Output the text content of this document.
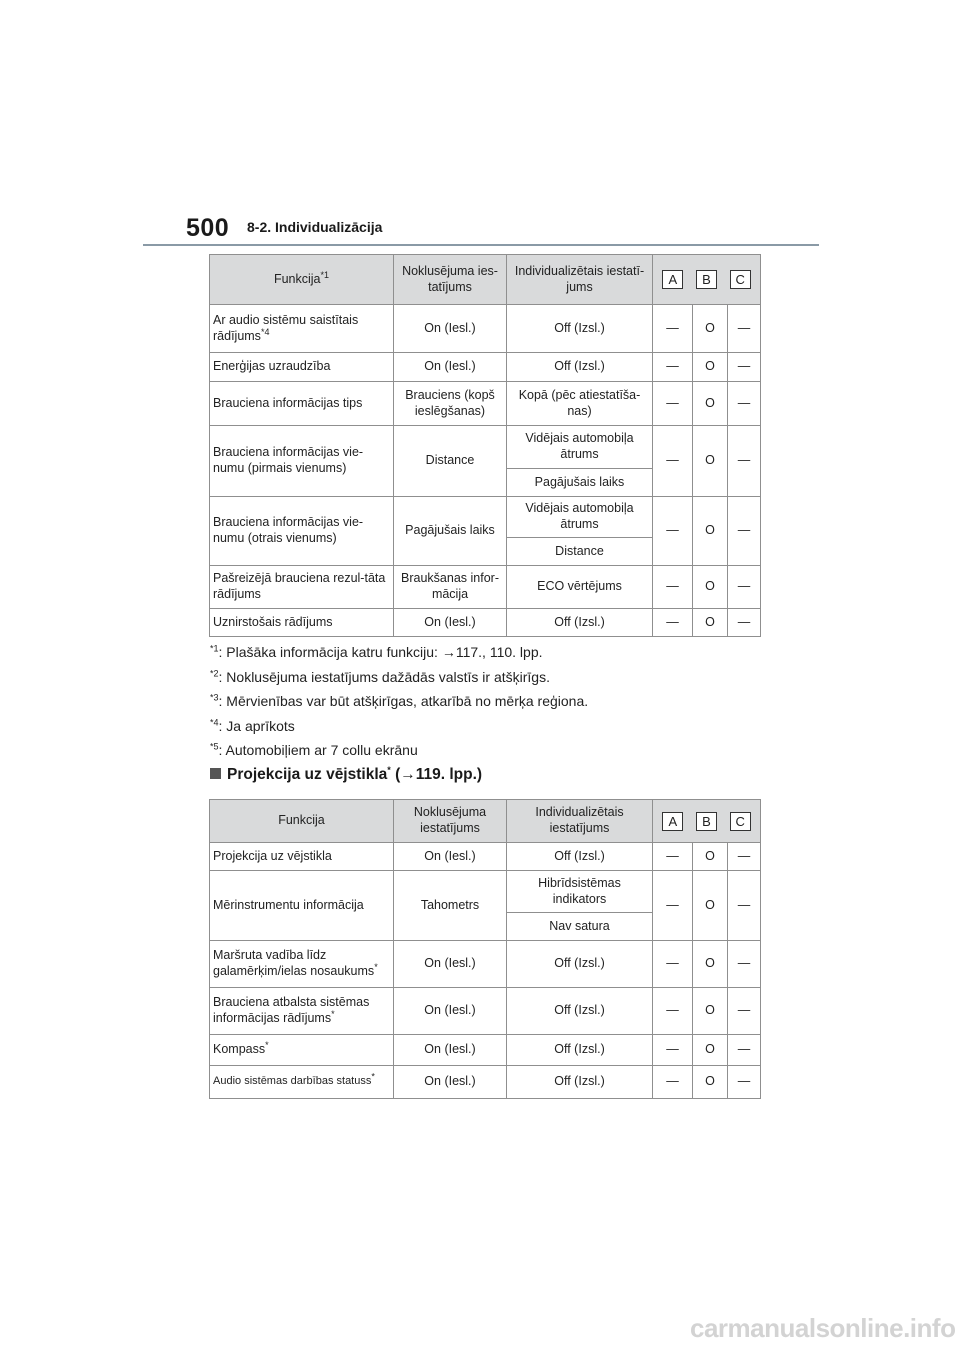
500 8-2. Individualizācija
Funkcija$^{*1}$	Noklusējuma ies-tatījums	Individualizētais iestatī-jums	A B C		

Ar audio sistēmu saistītais rādījums$^{*4}$	On (Iesl.)	Off (Izsl.)	—	O	—
Enerģijas uzraudzība	On (Iesl.)	Off (Izsl.)	—	O	—
Brauciena informācijas tips	Brauciens (kopš ieslēgšanas)	Kopā (pēc atiestatīša-nas)	—	O	—
Brauciena informācijas vie-numu (pirmais vienums)	Distance	Vidējais automobiļa ātrums	—	O	—
		Pagājušais laiks			
Brauciena informācijas vie-numu (otrais vienums)	Pagājušais laiks	Vidējais automobiļa ātrums	—	O	—
		Distance			
Pašreizējā brauciena rezul-tāta rādījums	Braukšanas infor-mācija	ECO vērtējums	—	O	—
Uznirstošais rādījums	On (Iesl.)	Off (Izsl.)	—	O	—
$^{*1}$: Plašāka informācija katru funkciju: →117., 110. lpp.
$^{*2}$: Noklusējuma iestatījums dažādās valstīs ir atšķirīgs.
$^{*3}$: Mērvienības var būt atšķirīgas, atkarībā no mērķa reģiona.
$^{*4}$: Ja aprīkots
$^{*5}$: Automobiļiem ar 7 collu ekrānu
Projekcija uz vējstikla* (→119. lpp.)
Funkcija	Noklusējuma iestatījums	Individualizētais iestatījums	A B C		

Projekcija uz vējstikla	On (Iesl.)	Off (Izsl.)	—	O	—
Mērinstrumentu informācija	Tahometrs	Hibrīdsistēmas indikators	—	O	—
		Nav satura			
Maršruta vadība līdz galamērķim/ielas nosaukums*	On (Iesl.)	Off (Izsl.)	—	O	—
Brauciena atbalsta sistēmas informācijas rādījums*	On (Iesl.)	Off (Izsl.)	—	O	—
Kompass*	On (Iesl.)	Off (Izsl.)	—	O	—
Audio sistēmas darbības statuss*	On (Iesl.)	Off (Izsl.)	—	O	—
carmanualsonline.info
